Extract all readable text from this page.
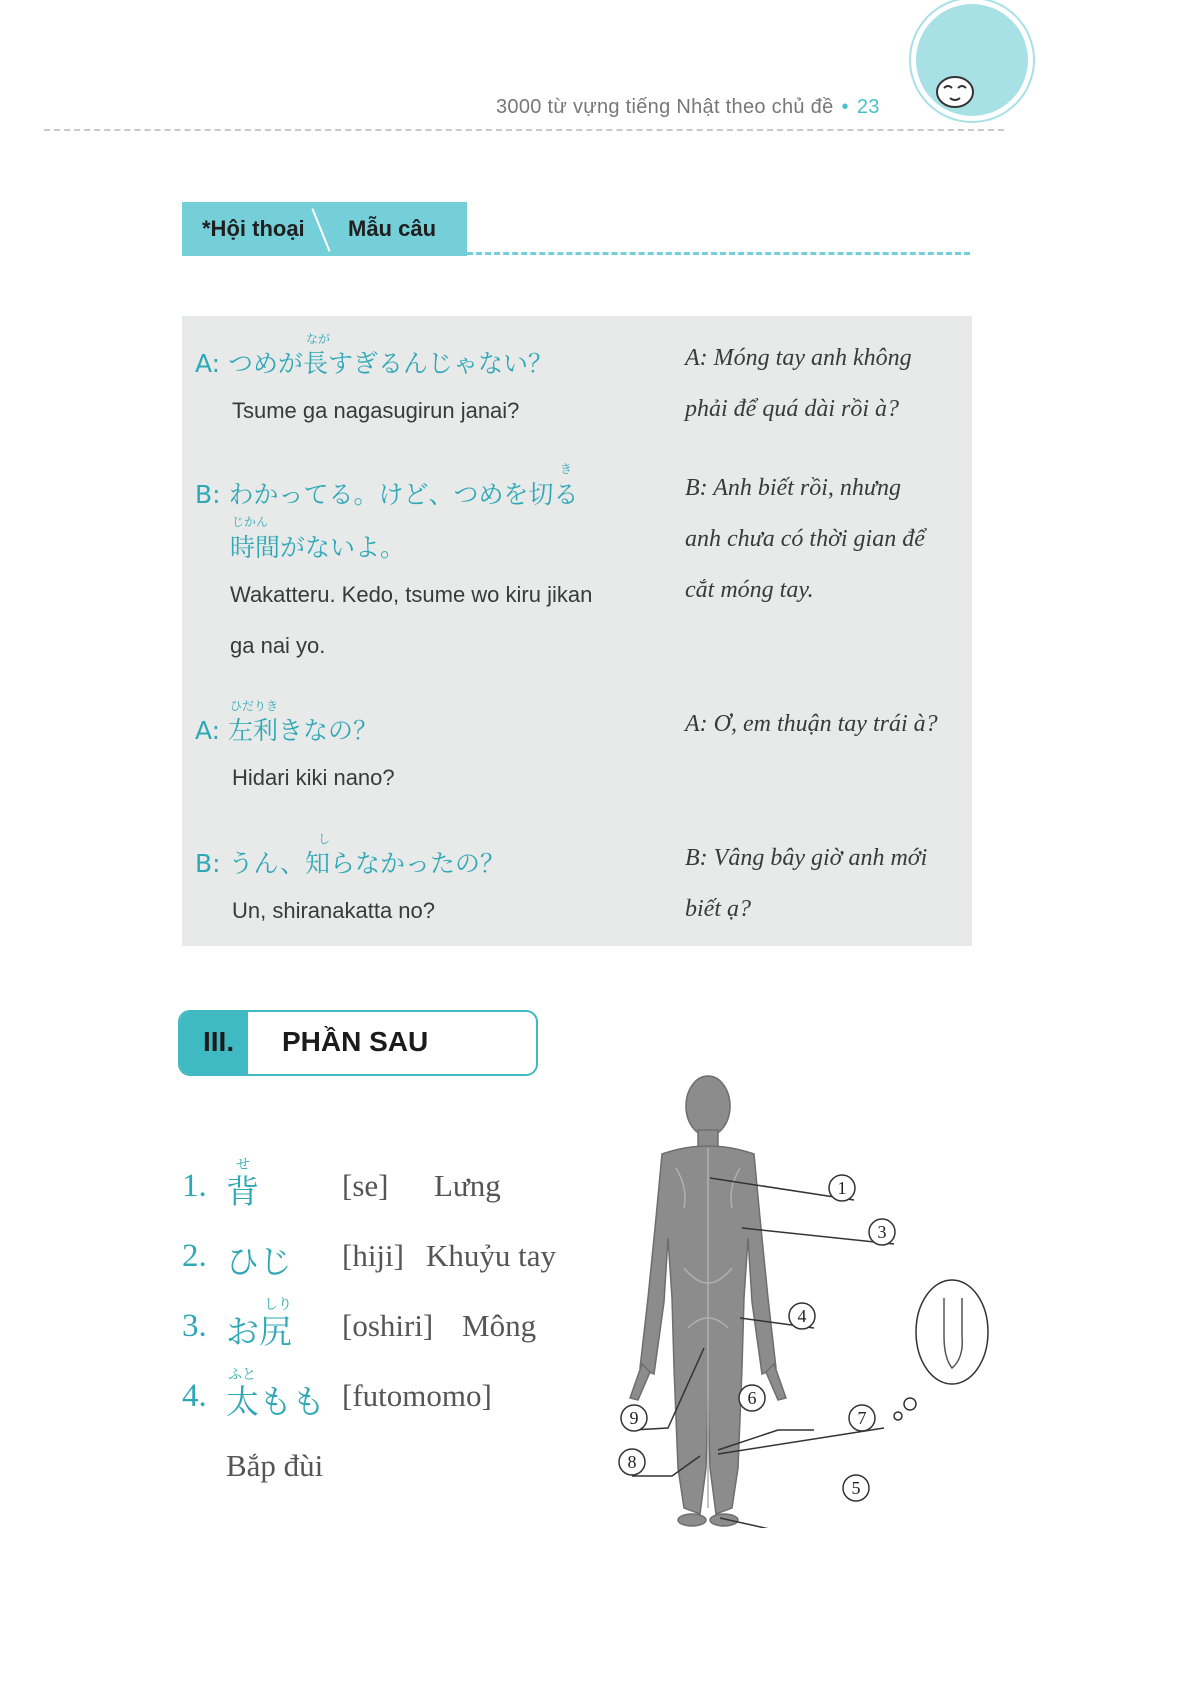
3000 từ vựng tiếng Nhật theo chủ đề • 23
*Hội thoại Mẫu câu
なが
A: つめが長すぎるんじゃない？
Tsume ga nagasugirun janai?
A: Móng tay anh không
phải để quá dài rồi à?
き
B: わかってる。けど、つめを切る
じかん
時間がないよ。
Wakatteru. Kedo, tsume wo kiru jikan
ga nai yo.
B: Anh biết rồi, nhưng
anh chưa có thời gian để
cắt móng tay.
ひだりき
A: 左利きなの？
Hidari kiki nano?
A: Ơ, em thuận tay trái à?
し
B: うん、知らなかったの？
Un, shiranakatta no?
B: Vâng bây giờ anh mới
biết ạ?
III. PHẦN SAU
せ
1. 背	[se] Lưng
2. ひじ [hiji] Khuỷu tay
しり
3. お尻 [oshiri] Mông
ふと
4. 太もも [futomomo]
Bắp đùi
1
3
4
9
6
7
8
5
